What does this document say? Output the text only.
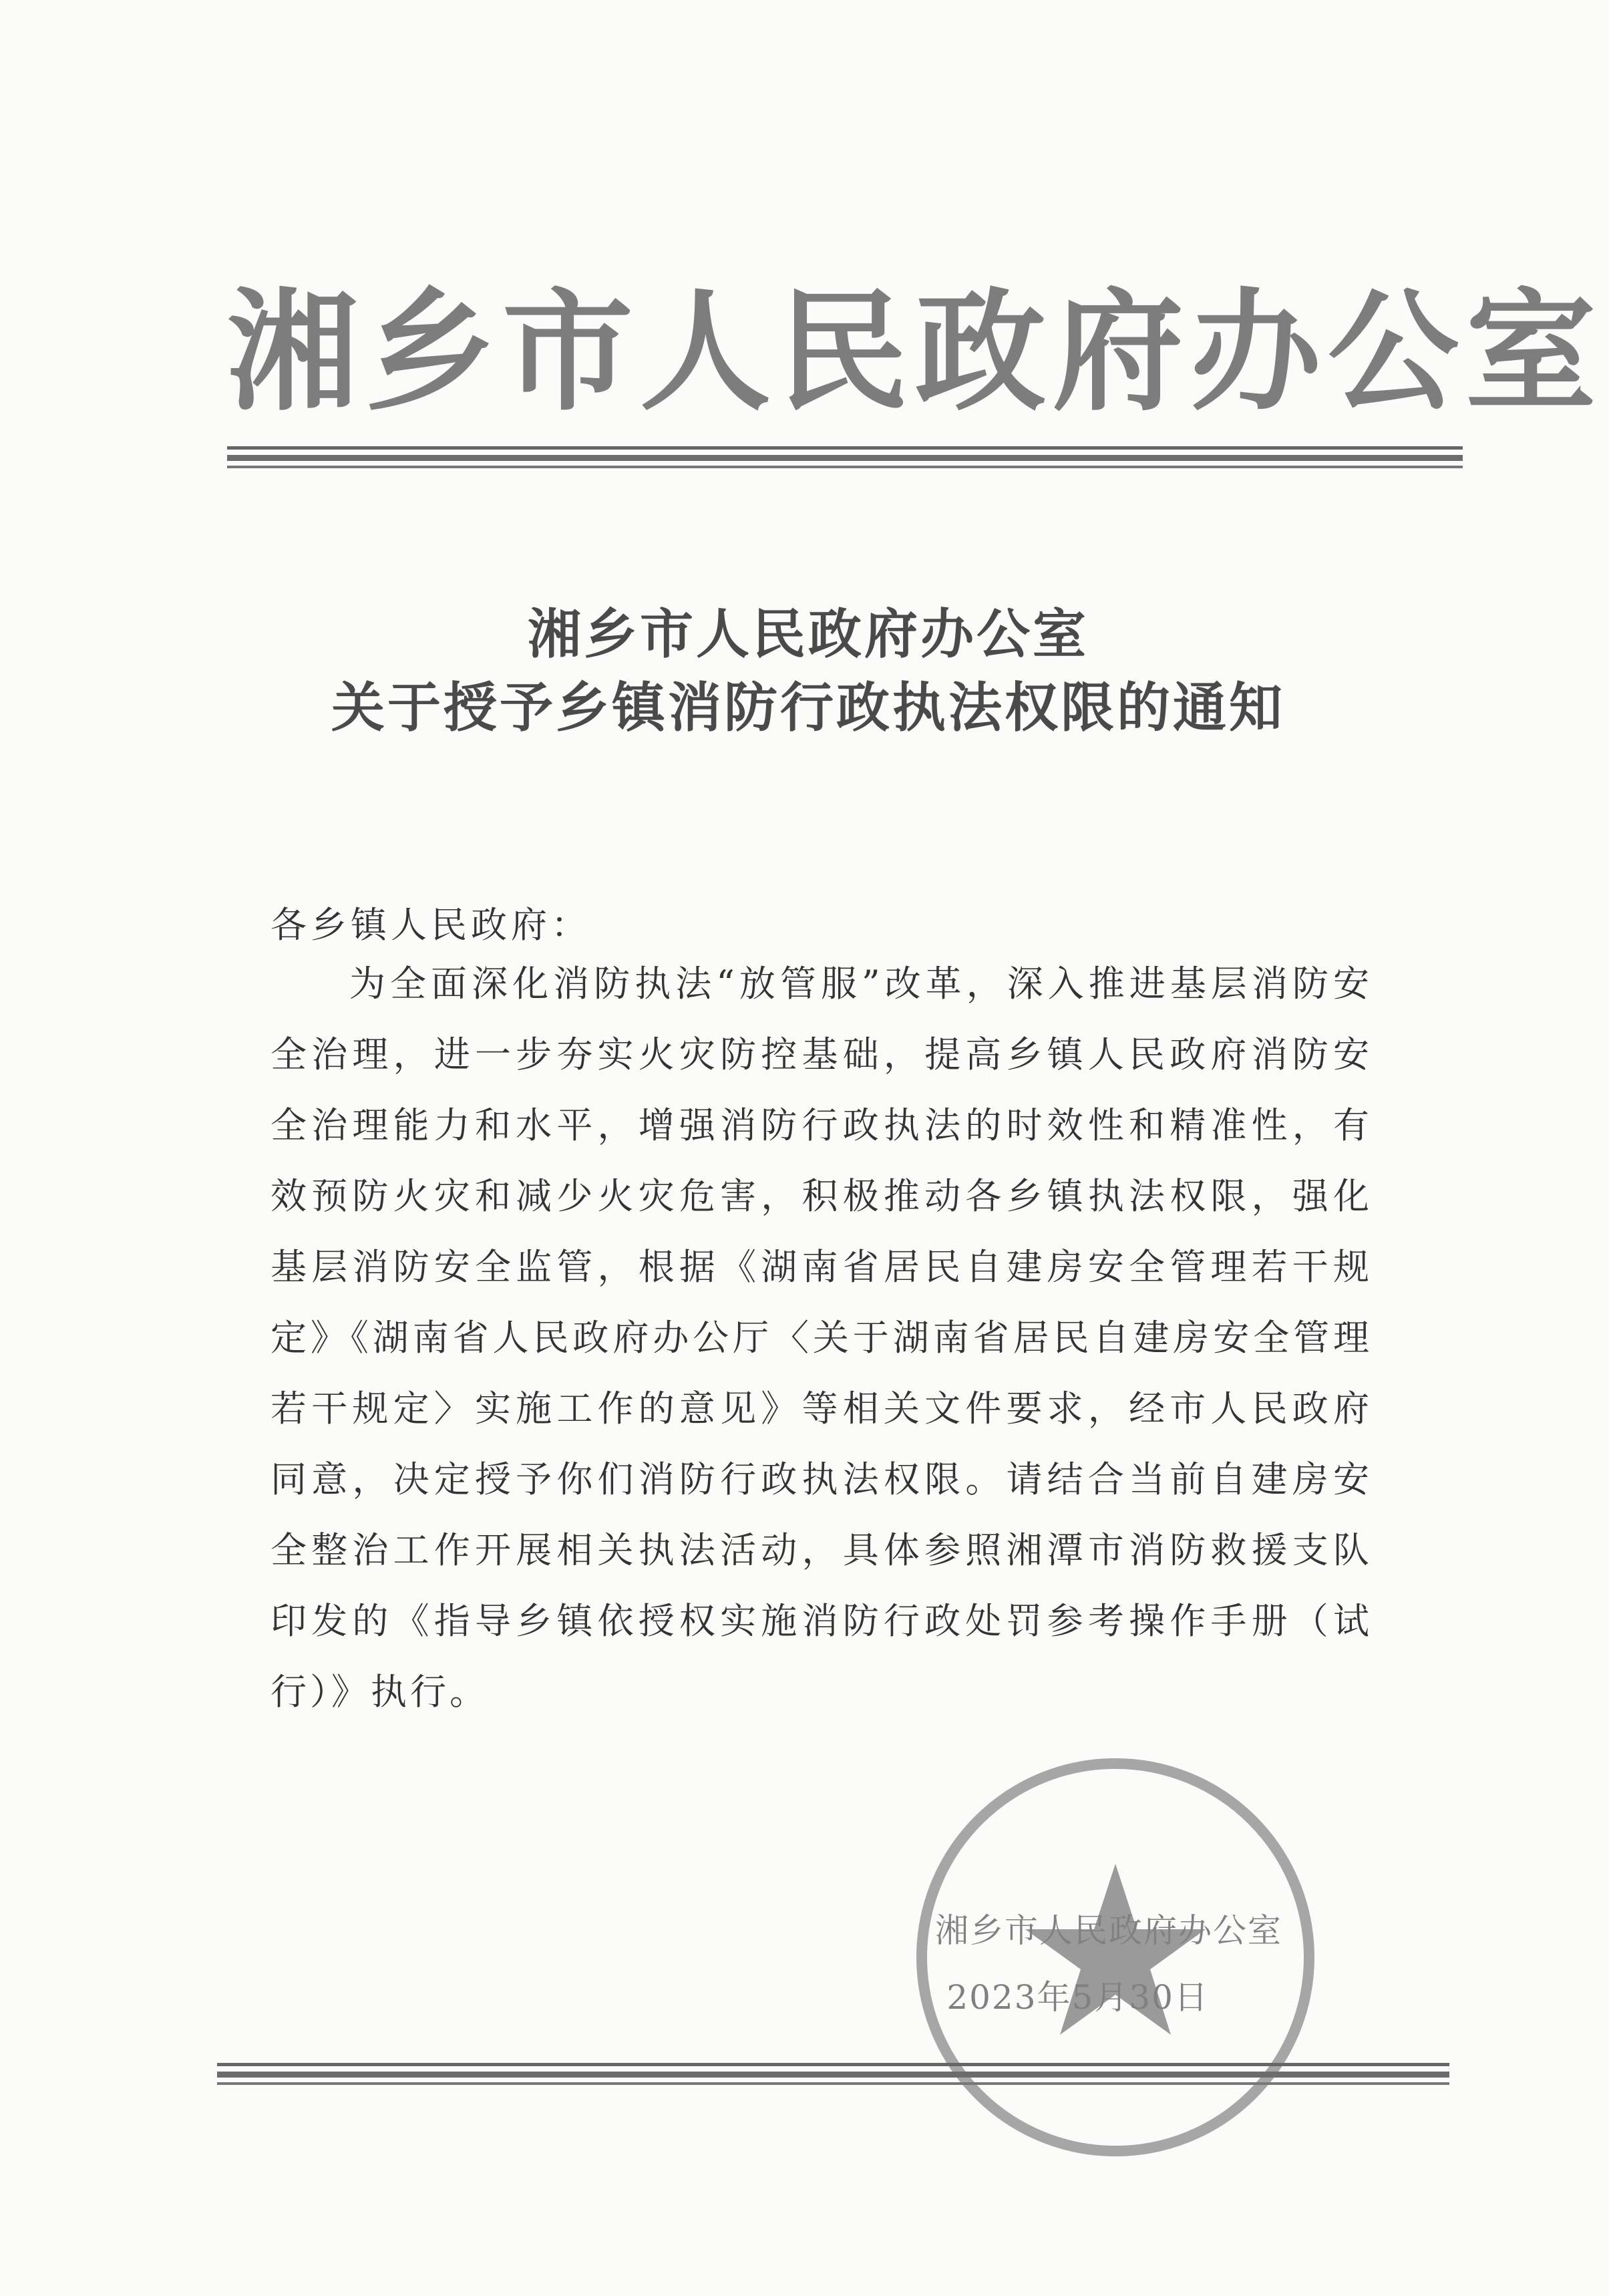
湘乡市人民政府办公室
湘乡市人民政府办公室
关于授予乡镇消防行政执法权限的通知
各乡镇人民政府：
为全面深化消防执法“放管服”改革，深入推进基层消防安全治理，进一步夯实火灾防控基础，提高乡镇人民政府消防安全治理能力和水平，增强消防行政执法的时效性和精准性，有效预防火灾和减少火灾危害，积极推动各乡镇执法权限，强化基层消防安全监管，根据《湖南省居民自建房安全管理若干规定》《湖南省人民政府办公厅〈关于湖南省居民自建房安全管理若干规定〉实施工作的意见》等相关文件要求，经市人民政府同意，决定授予你们消防行政执法权限。请结合当前自建房安全整治工作开展相关执法活动，具体参照湘潭市消防救援支队印发的《指导乡镇依授权实施消防行政处罚参考操作手册（试行）》执行。
湘乡市人民政府办公室
2023年5月30日
